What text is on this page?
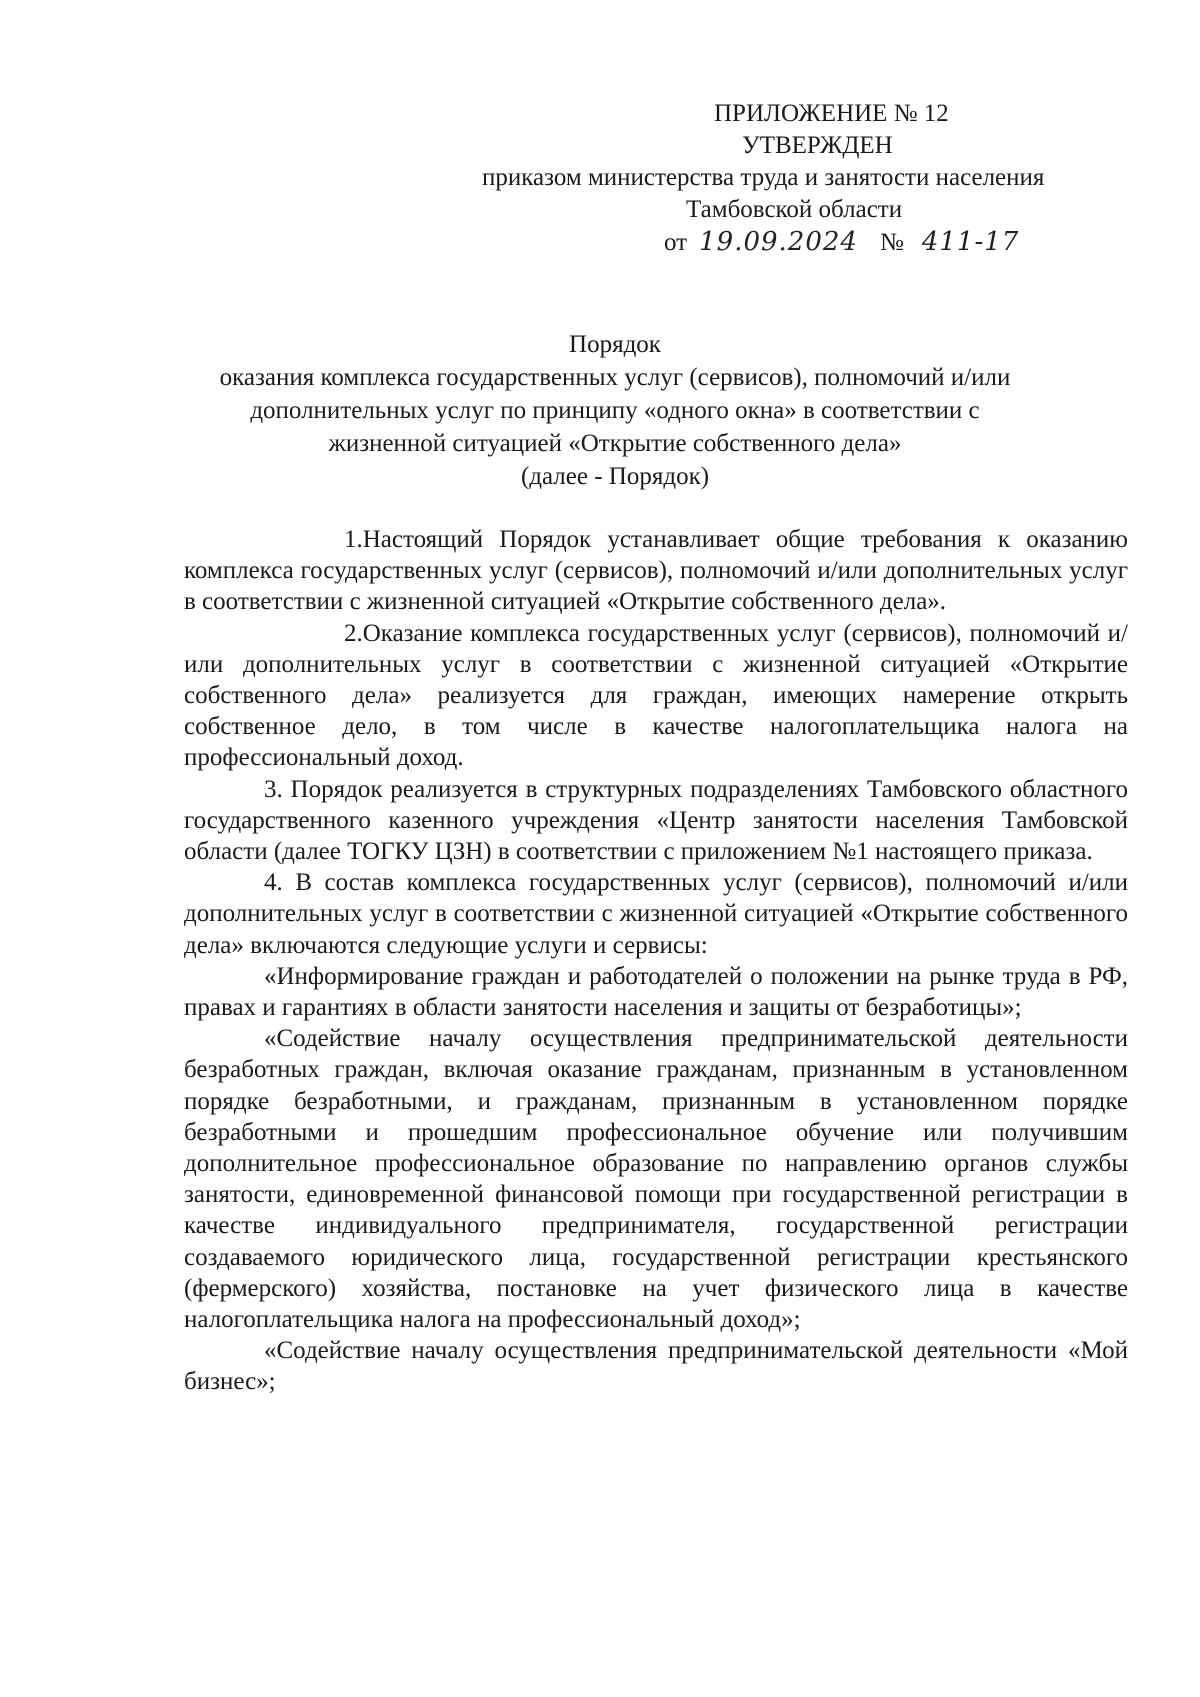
ПРИЛОЖЕНИЕ № 12
УТВЕРЖДЕН
приказом министерства труда и занятости населения
Тамбовской области
от 19.09.2024 № 411-17
Порядок
оказания комплекса государственных услуг (сервисов), полномочий и/или
дополнительных услуг по принципу «одного окна» в соответствии с
жизненной ситуацией «Открытие собственного дела»
(далее - Порядок)

1.Настоящий Порядок устанавливает общие требования к оказанию комплекса государственных услуг (сервисов), полномочий и/или дополнительных услуг в соответствии с жизненной ситуацией «Открытие собственного дела».

2.Оказание комплекса государственных услуг (сервисов), полномочий и/или дополнительных услуг в соответствии с жизненной ситуацией «Открытие собственного дела» реализуется для граждан, имеющих намерение открыть собственное дело, в том числе в качестве налогоплательщика налога на профессиональный доход.

3. Порядок реализуется в структурных подразделениях Тамбовского областного государственного казенного учреждения «Центр занятости населения Тамбовской области (далее ТОГКУ ЦЗН) в соответствии с приложением №1 настоящего приказа.

4. В состав комплекса государственных услуг (сервисов), полномочий и/или дополнительных услуг в соответствии с жизненной ситуацией «Открытие собственного дела» включаются следующие услуги и сервисы:

«Информирование граждан и работодателей о положении на рынке труда в РФ, правах и гарантиях в области занятости населения и защиты от безработицы»;

«Содействие началу осуществления предпринимательской деятельности безработных граждан, включая оказание гражданам, признанным в установленном порядке безработными, и гражданам, признанным в установленном порядке безработными и прошедшим профессиональное обучение или получившим дополнительное профессиональное образование по направлению органов службы занятости, единовременной финансовой помощи при государственной регистрации в качестве индивидуального предпринимателя, государственной регистрации создаваемого юридического лица, государственной регистрации крестьянского (фермерского) хозяйства, постановке на учет физического лица в качестве налогоплательщика налога на профессиональный доход»;

«Содействие началу осуществления предпринимательской деятельности «Мой бизнес»;
